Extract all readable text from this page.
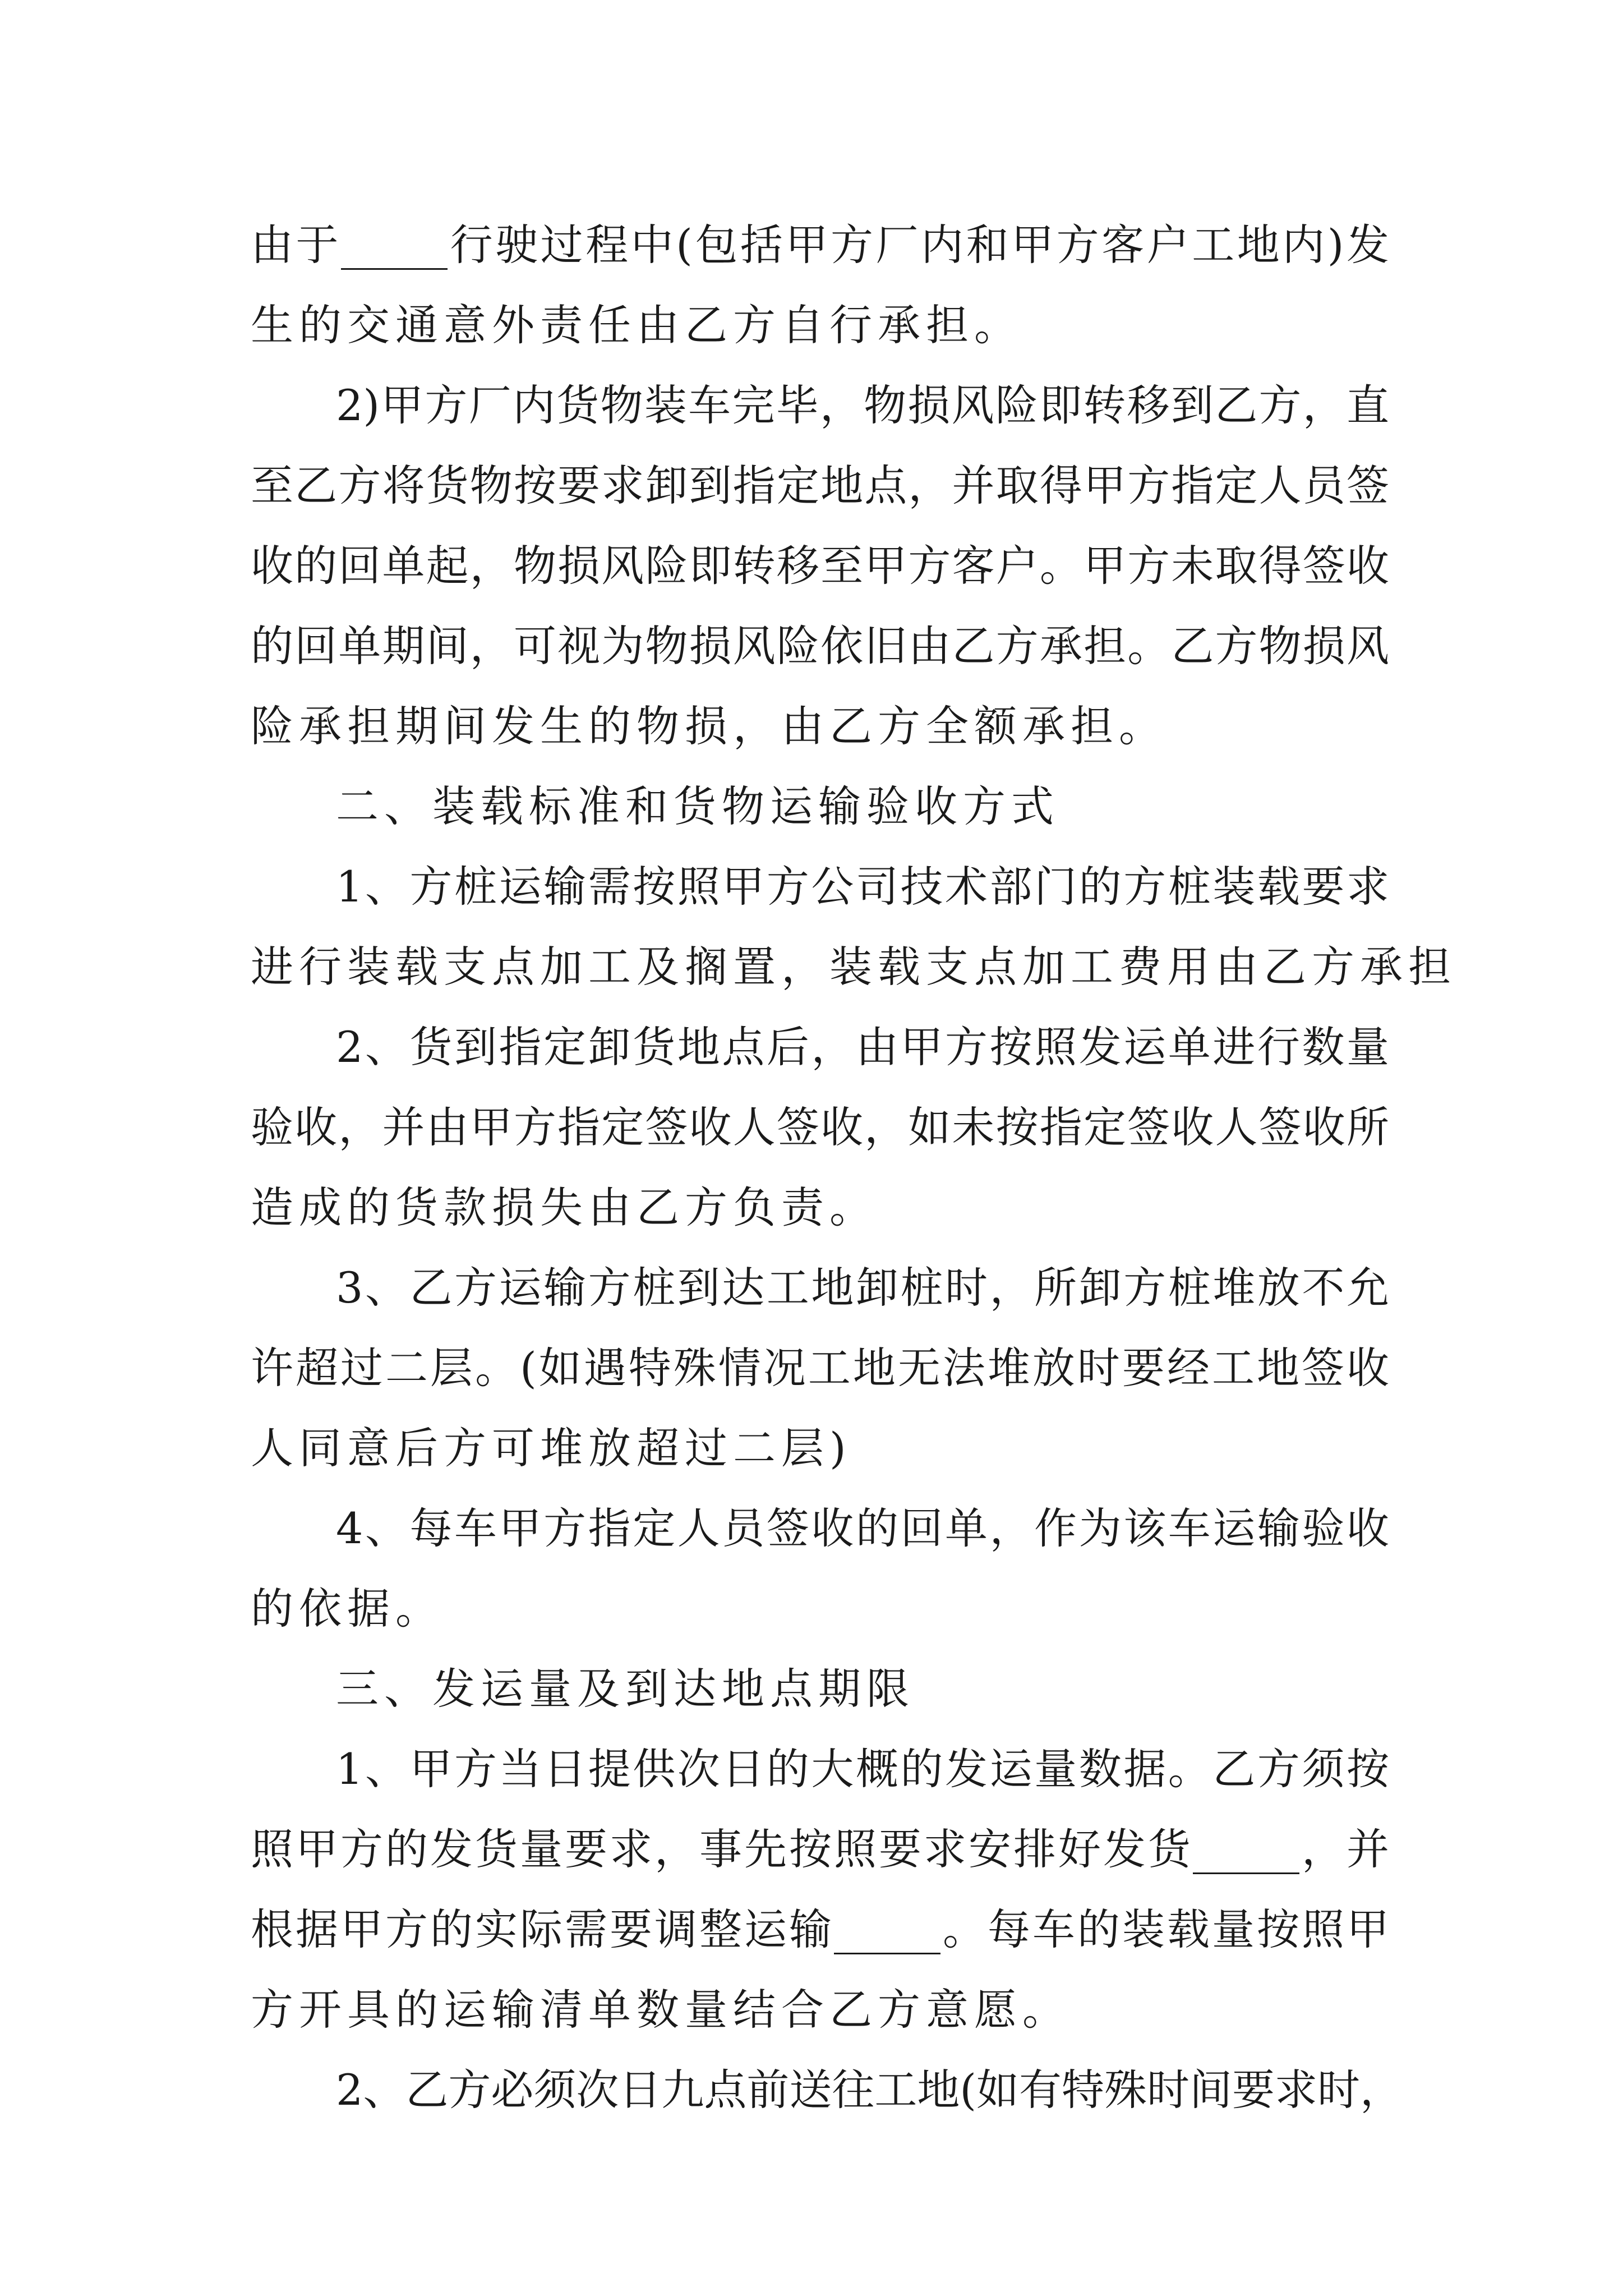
由于_____行驶过程中(包括甲方厂内和甲方客户工地内)发
生的交通意外责任由乙方自行承担。
2)甲方厂内货物装车完毕，物损风险即转移到乙方，直
至乙方将货物按要求卸到指定地点，并取得甲方指定人员签
收的回单起，物损风险即转移至甲方客户。甲方未取得签收
的回单期间，可视为物损风险依旧由乙方承担。乙方物损风
险承担期间发生的物损，由乙方全额承担。
二、装载标准和货物运输验收方式
1、方桩运输需按照甲方公司技术部门的方桩装载要求
进行装载支点加工及搁置，装载支点加工费用由乙方承担
2、货到指定卸货地点后，由甲方按照发运单进行数量
验收，并由甲方指定签收人签收，如未按指定签收人签收所
造成的货款损失由乙方负责。
3、乙方运输方桩到达工地卸桩时，所卸方桩堆放不允
许超过二层。(如遇特殊情况工地无法堆放时要经工地签收
人同意后方可堆放超过二层)
4、每车甲方指定人员签收的回单，作为该车运输验收
的依据。
三、发运量及到达地点期限
1、甲方当日提供次日的大概的发运量数据。乙方须按
照甲方的发货量要求，事先按照要求安排好发货_____，并
根据甲方的实际需要调整运输_____。每车的装载量按照甲
方开具的运输清单数量结合乙方意愿。
2、乙方必须次日九点前送往工地(如有特殊时间要求时，
